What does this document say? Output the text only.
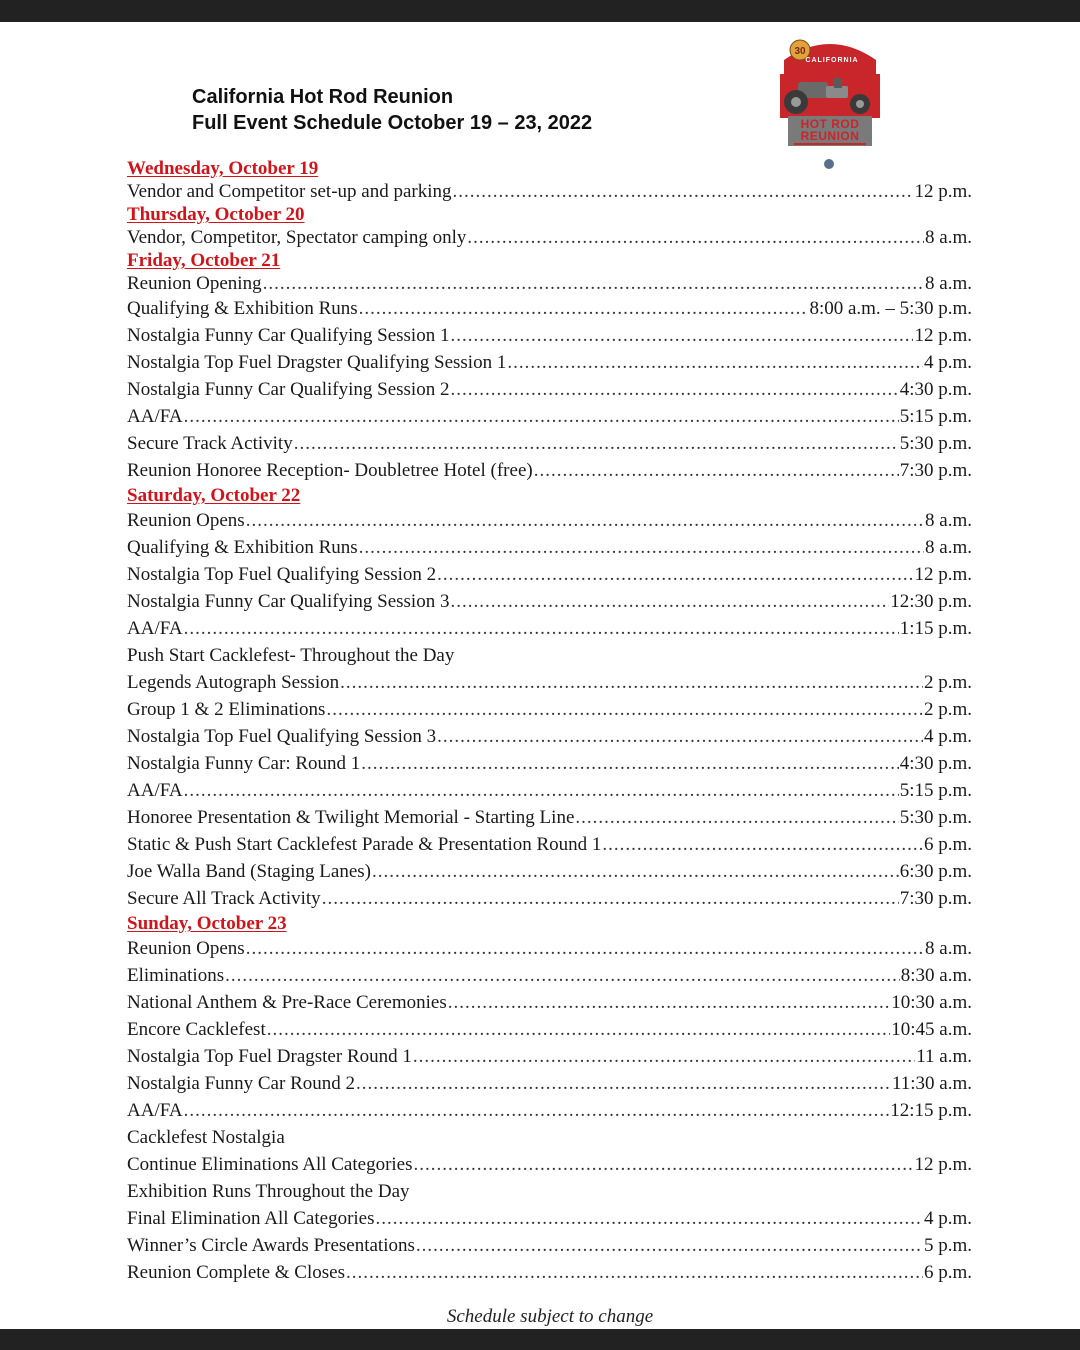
California Hot Rod Reunion
Full Event Schedule October 19 – 23, 2022
30
CALIFORNIA
HOT ROD
REUNION
Wednesday, October 19
Vendor and Competitor set-up and parking .....	12 p.m.
Thursday, October 20
Vendor, Competitor, Spectator camping only .....	8 a.m.
Friday, October 21
Reunion Opening .....	8 a.m.
Qualifying & Exhibition Runs .....	8:00 a.m. – 5:30 p.m.
Nostalgia Funny Car Qualifying Session 1 .....	12 p.m.
Nostalgia Top Fuel Dragster Qualifying Session 1 .....	4 p.m.
Nostalgia Funny Car Qualifying Session 2 .....	4:30 p.m.
AA/FA .....	5:15 p.m.
Secure Track Activity .....	5:30 p.m.
Reunion Honoree Reception- Doubletree Hotel (free) .....	7:30 p.m.
Saturday, October 22
Reunion Opens .....	8 a.m.
Qualifying & Exhibition Runs .....	8 a.m.
Nostalgia Top Fuel Qualifying Session 2 .....	12 p.m.
Nostalgia Funny Car Qualifying Session 3 .....	12:30 p.m.
AA/FA .....	1:15 p.m.
Push Start Cacklefest- Throughout the Day
Legends Autograph Session .....	2 p.m.
Group 1 & 2 Eliminations .....	2 p.m.
Nostalgia Top Fuel Qualifying Session 3 .....	4 p.m.
Nostalgia Funny Car: Round 1 .....	4:30 p.m.
AA/FA .....	5:15 p.m.
Honoree Presentation & Twilight Memorial - Starting Line .....	5:30 p.m.
Static & Push Start Cacklefest Parade & Presentation Round 1 .....	6 p.m.
Joe Walla Band (Staging Lanes) .....	6:30 p.m.
Secure All Track Activity .....	7:30 p.m.
Sunday, October 23
Reunion Opens .....	8 a.m.
Eliminations .....	8:30 a.m.
National Anthem & Pre-Race Ceremonies .....	10:30 a.m.
Encore Cacklefest .....	10:45 a.m.
Nostalgia Top Fuel Dragster Round 1 .....	11 a.m.
Nostalgia Funny Car Round 2 .....	11:30 a.m.
AA/FA .....	12:15 p.m.
Cacklefest Nostalgia
Continue Eliminations All Categories .....	12 p.m.
Exhibition Runs Throughout the Day
Final Elimination All Categories .....	4 p.m.
Winner’s Circle Awards Presentations .....	5 p.m.
Reunion Complete & Closes .....	6 p.m.
Schedule subject to change
